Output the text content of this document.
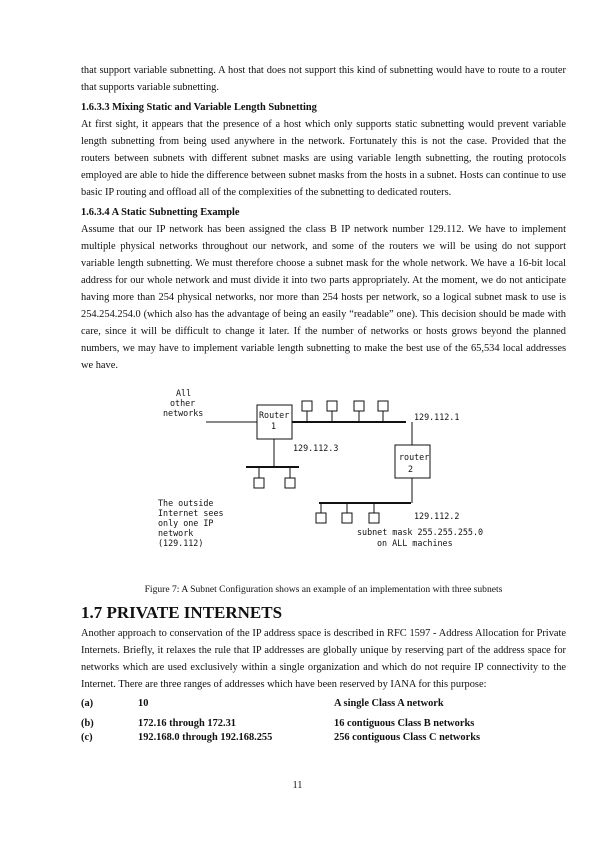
that support variable subnetting. A host that does not support this kind of subnetting would have to route to a router that supports variable subnetting.

1.6.3.3 Mixing Static and Variable Length Subnetting

At first sight, it appears that the presence of a host which only supports static subnetting would prevent variable length subnetting from being used anywhere in the network. Fortunately this is not the case. Provided that the routers between subnets with different subnet masks are using variable length subnetting, the routing protocols employed are able to hide the difference between subnet masks from the hosts in a subnet. Hosts can continue to use basic IP routing and offload all of the complexities of the subnetting to dedicated routers.

1.6.3.4 A Static Subnetting Example

Assume that our IP network has been assigned the class B IP network number 129.112. We have to implement multiple physical networks throughout our network, and some of the routers we will be using do not support variable length subnetting. We must therefore choose a subnet mask for the whole network. We have a 16-bit local address for our whole network and must divide it into two parts appropriately. At the moment, we do not anticipate having more than 254 physical networks, nor more than 254 hosts per network, so a logical subnet mask to use is 254.254.254.0 (which also has the advantage of being an easily “readable” one). This decision should be made with care, since it will be difficult to change it later. If the number of networks or hosts grows beyond the planned numbers, we may have to implement variable length subnetting to make the best use of the 65,534 local addresses we have.

All
other
networks	Router
1
router
2
129.112.1
129.112.3
129.112.2
The outside
Internet sees
only one IP
network
(129.112)
subnet mask 255.255.255.0
on ALL machines
Figure 7: A Subnet Configuration shows an example of an implementation with three subnets
1.7 PRIVATE INTERNETS

Another approach to conservation of the IP address space is described in RFC 1597 - Address Allocation for Private Internets. Briefly, it relaxes the rule that IP addresses are globally unique by reserving part of the address space for networks which are used exclusively within a single organization and which do not require IP connectivity to the Internet. There are three ranges of addresses which have been reserved by IANA for this purpose:

(a)	10	A single Class A network
(b)	172.16 through 172.31	16 contiguous Class B networks
(c)	192.168.0 through 192.168.255	256 contiguous Class C networks
11
